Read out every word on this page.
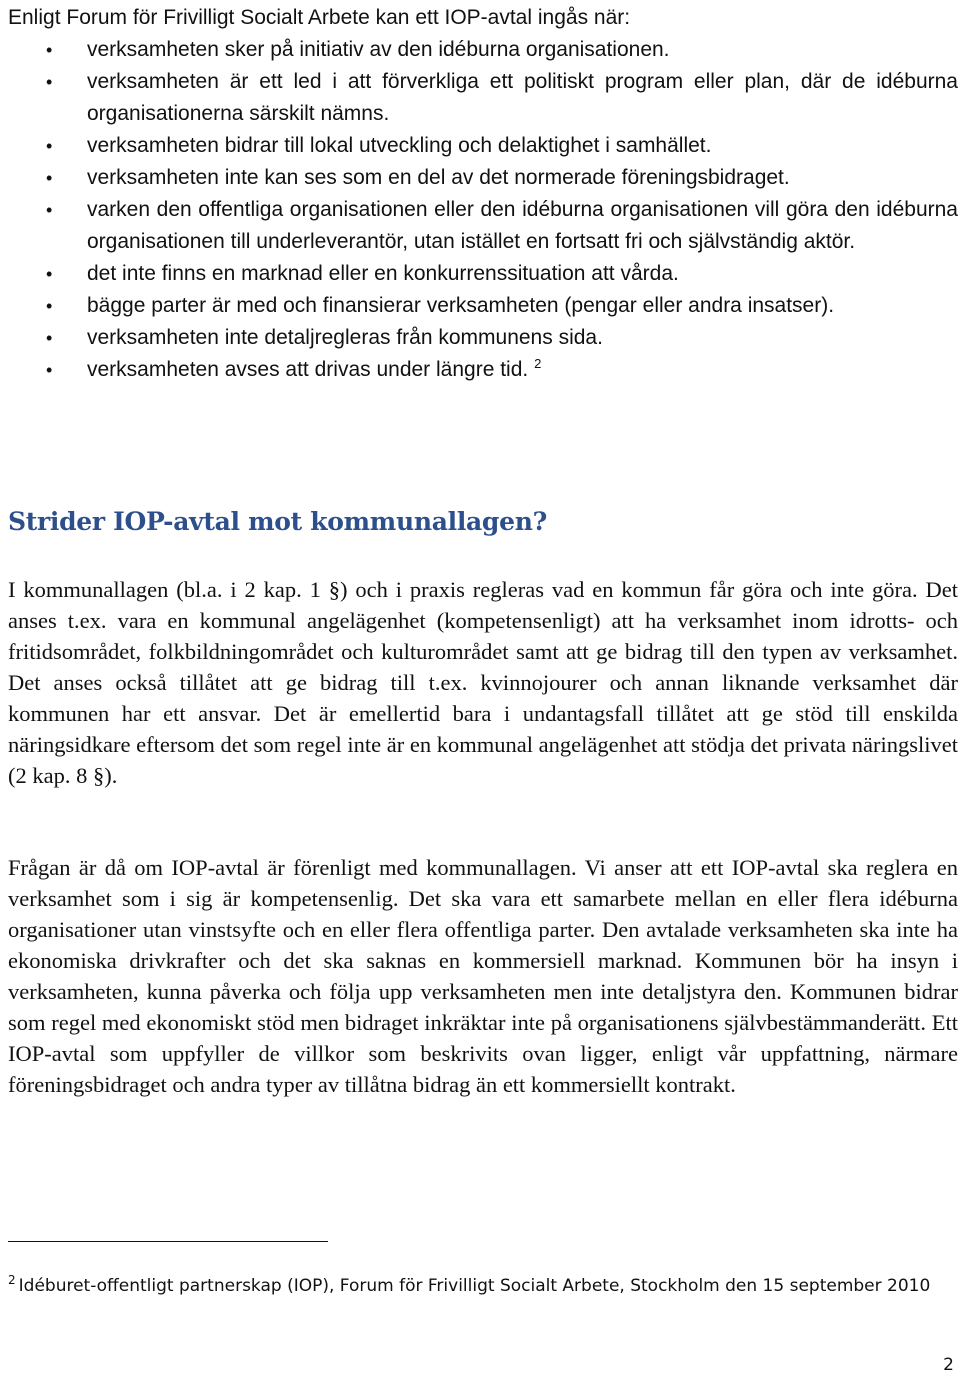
Enligt Forum för Frivilligt Socialt Arbete kan ett IOP-avtal ingås när:

• verksamheten sker på initiativ av den idéburna organisationen.
• verksamheten är ett led i att förverkliga ett politiskt program eller plan, där de idéburna organisationerna särskilt nämns.
• verksamheten bidrar till lokal utveckling och delaktighet i samhället.
• verksamheten inte kan ses som en del av det normerade föreningsbidraget.
• varken den offentliga organisationen eller den idéburna organisationen vill göra den idéburna organisationen till underleverantör, utan istället en fortsatt fri och självständig aktör.
• det inte finns en marknad eller en konkurrenssituation att vårda.
• bägge parter är med och finansierar verksamheten (pengar eller andra insatser).
• verksamheten inte detaljregleras från kommunens sida.
• verksamheten avses att drivas under längre tid. $^2$
Strider IOP-avtal mot kommunallagen?

I kommunallagen (bl.a. i 2 kap. 1 §) och i praxis regleras vad en kommun får göra och inte göra. Det anses t.ex. vara en kommunal angelägenhet (kompetensenligt) att ha verksamhet inom idrotts- och fritidsområdet, folkbildningområdet och kulturområdet samt att ge bidrag till den typen av verksamhet. Det anses också tillåtet att ge bidrag till t.ex. kvinnojourer och annan liknande verksamhet där kommunen har ett ansvar. Det är emellertid bara i undantagsfall tillåtet att ge stöd till enskilda näringsidkare eftersom det som regel inte är en kommunal angelägenhet att stödja det privata näringslivet (2 kap. 8 §).

Frågan är då om IOP-avtal är förenligt med kommunallagen. Vi anser att ett IOP-avtal ska reglera en verksamhet som i sig är kompetensenlig. Det ska vara ett samarbete mellan en eller flera idéburna organisationer utan vinstsyfte och en eller flera offentliga parter. Den avtalade verksamheten ska inte ha ekonomiska drivkrafter och det ska saknas en kommersiell marknad. Kommunen bör ha insyn i verksamheten, kunna påverka och följa upp verksamheten men inte detaljstyra den. Kommunen bidrar som regel med ekonomiskt stöd men bidraget inkräktar inte på organisationens självbestämmanderätt. Ett IOP-avtal som uppfyller de villkor som beskrivits ovan ligger, enligt vår uppfattning, närmare föreningsbidraget och andra typer av tillåtna bidrag än ett kommersiellt kontrakt.

$^2$ Idéburet-offentligt partnerskap (IOP), Forum för Frivilligt Socialt Arbete, Stockholm den 15 september 2010

2
